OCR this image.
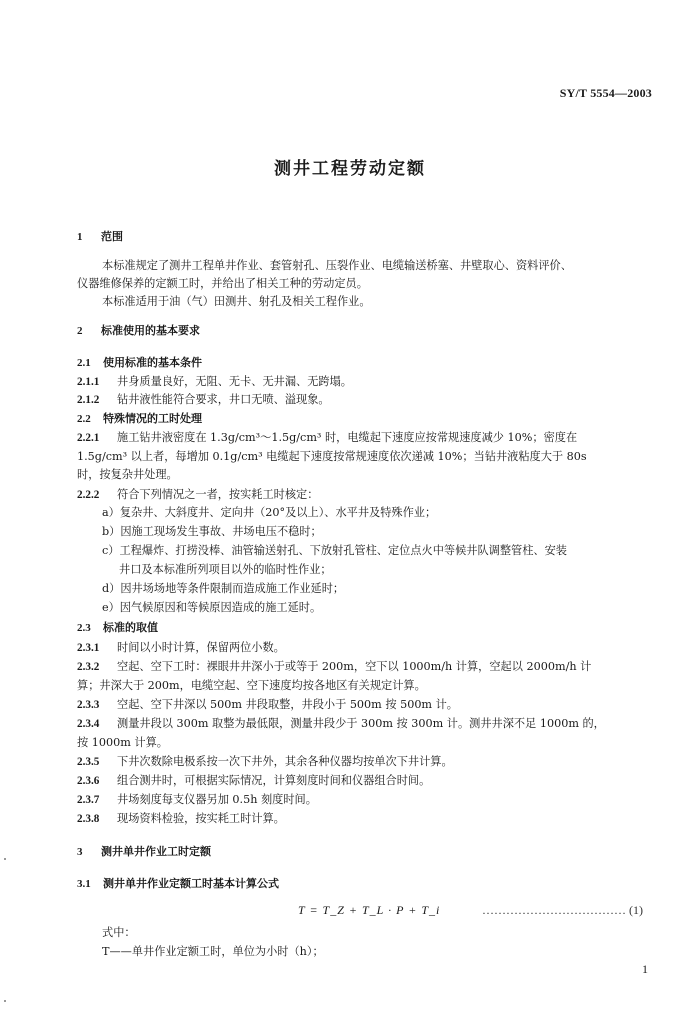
SY/T 5554—2003
测井工程劳动定额
1 范围
本标准规定了测井工程单井作业、套管射孔、压裂作业、电缆输送桥塞、井壁取心、资料评价、
仪器维修保养的定额工时，并给出了相关工种的劳动定员。
本标准适用于油（气）田测井、射孔及相关工程作业。
2 标准使用的基本要求
2.1 使用标准的基本条件
2.1.1 井身质量良好，无阻、无卡、无井漏、无跨塌。
2.1.2 钻井液性能符合要求，井口无喷、溢现象。
2.2 特殊情况的工时处理
2.2.1 施工钻井液密度在 1.3g/cm³～1.5g/cm³ 时，电缆起下速度应按常规速度减少 10%；密度在
1.5g/cm³ 以上者，每增加 0.1g/cm³ 电缆起下速度按常规速度依次递减 10%；当钻井液粘度大于 80s
时，按复杂井处理。
2.2.2 符合下列情况之一者，按实耗工时核定：
a）复杂井、大斜度井、定向井（20°及以上）、水平井及特殊作业；
b）因施工现场发生事故、井场电压不稳时；
c）工程爆炸、打捞没棒、油管输送射孔、下放射孔管柱、定位点火中等候井队调整管柱、安装
井口及本标准所列项目以外的临时性作业；
d）因井场场地等条件限制而造成施工作业延时；
e）因气候原因和等候原因造成的施工延时。
2.3 标准的取值
2.3.1 时间以小时计算，保留两位小数。
2.3.2 空起、空下工时：裸眼井井深小于或等于 200m，空下以 1000m/h 计算，空起以 2000m/h 计
算；井深大于 200m，电缆空起、空下速度均按各地区有关规定计算。
2.3.3 空起、空下井深以 500m 井段取整，井段小于 500m 按 500m 计。
2.3.4 测量井段以 300m 取整为最低限，测量井段少于 300m 按 300m 计。测井井深不足 1000m 的，
按 1000m 计算。
2.3.5 下井次数除电极系按一次下井外，其余各种仪器均按单次下井计算。
2.3.6 组合测井时，可根据实际情况，计算刻度时间和仪器组合时间。
2.3.7 井场刻度每支仪器另加 0.5h 刻度时间。
2.3.8 现场资料检验，按实耗工时计算。
3 测井单井作业工时定额
3.1 测井单井作业定额工时基本计算公式
T = T_Z + T_L · P + T_i	……………………………… (1)
式中：
T——单井作业定额工时，单位为小时（h）；
1
